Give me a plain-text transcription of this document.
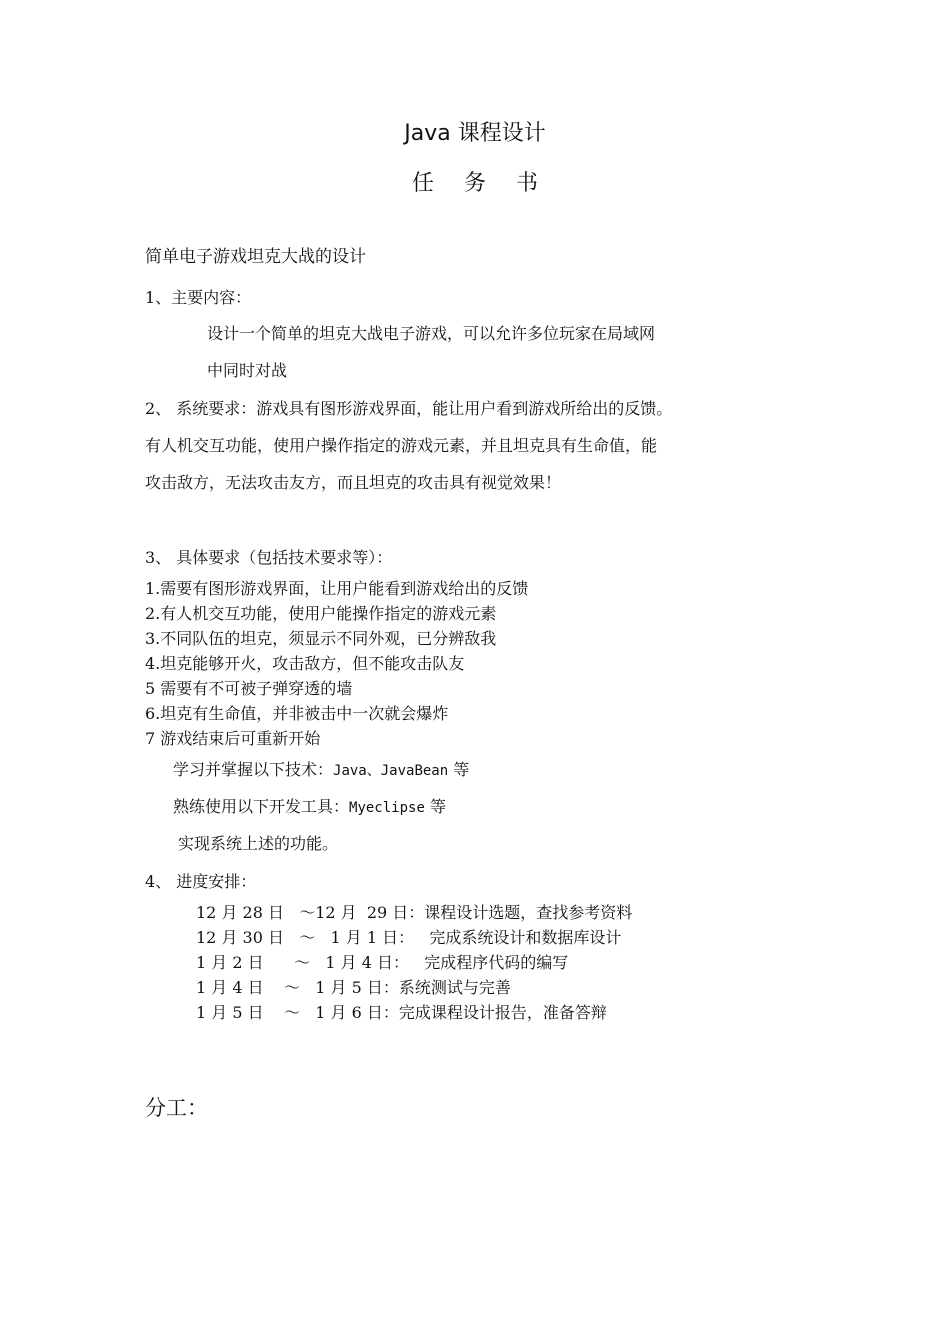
Java 课程设计
任 务 书
简单电子游戏坦克大战的设计
1、主要内容：
设计一个简单的坦克大战电子游戏，可以允许多位玩家在局域网
中同时对战
2、 系统要求：游戏具有图形游戏界面，能让用户看到游戏所给出的反馈。
有人机交互功能，使用户操作指定的游戏元素，并且坦克具有生命值，能
攻击敌方，无法攻击友方，而且坦克的攻击具有视觉效果！
3、 具体要求（包括技术要求等）：
1.需要有图形游戏界面，让用户能看到游戏给出的反馈
2.有人机交互功能，使用户能操作指定的游戏元素
3.不同队伍的坦克，须显示不同外观，已分辨敌我
4.坦克能够开火，攻击敌方，但不能攻击队友
5 需要有不可被子弹穿透的墙
6.坦克有生命值，并非被击中一次就会爆炸
7 游戏结束后可重新开始
学习并掌握以下技术：Java、JavaBean 等
熟练使用以下开发工具：Myeclipse 等
实现系统上述的功能。
4、 进度安排：
12 月 28 日   ～12 月  29 日：课程设计选题，查找参考资料
12 月 30 日   ～   1 月 1 日：   完成系统设计和数据库设计
1 月 2 日      ～   1 月 4 日：   完成程序代码的编写
1 月 4 日    ～   1 月 5 日：系统测试与完善
1 月 5 日    ～   1 月 6 日：完成课程设计报告，准备答辩
分工：
